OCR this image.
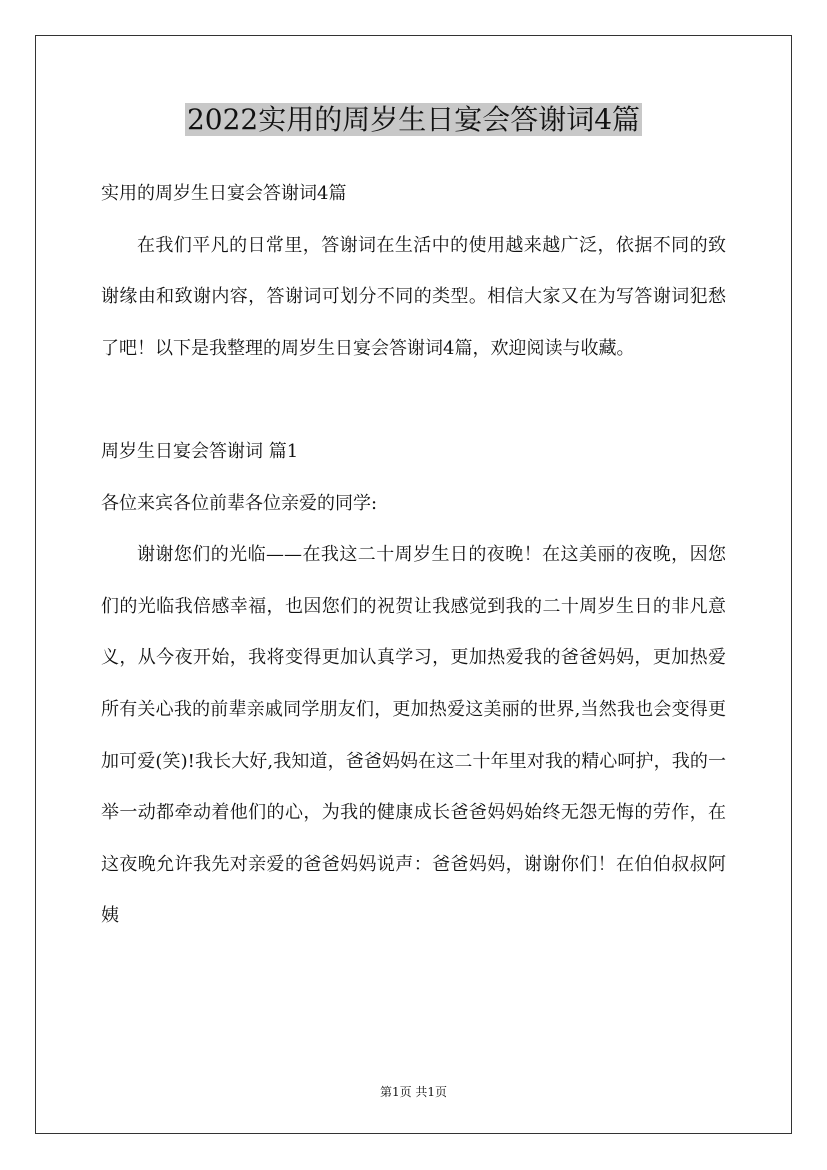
2022实用的周岁生日宴会答谢词4篇

实用的周岁生日宴会答谢词4篇

在我们平凡的日常里，答谢词在生活中的使用越来越广泛，依据不同的致谢缘由和致谢内容，答谢词可划分不同的类型。相信大家又在为写答谢词犯愁了吧！以下是我整理的周岁生日宴会答谢词4篇，欢迎阅读与收藏。

周岁生日宴会答谢词 篇1

各位来宾各位前辈各位亲爱的同学:

谢谢您们的光临——在我这二十周岁生日的夜晚！在这美丽的夜晚，因您们的光临我倍感幸福，也因您们的祝贺让我感觉到我的二十周岁生日的非凡意义，从今夜开始，我将变得更加认真学习，更加热爱我的爸爸妈妈，更加热爱所有关心我的前辈亲戚同学朋友们，更加热爱这美丽的世界,当然我也会变得更加可爱(笑)!我长大好,我知道，爸爸妈妈在这二十年里对我的精心呵护，我的一举一动都牵动着他们的心，为我的健康成长爸爸妈妈始终无怨无悔的劳作，在这夜晚允许我先对亲爱的爸爸妈妈说声：爸爸妈妈，谢谢你们！在伯伯叔叔阿姨

第1页 共1页
